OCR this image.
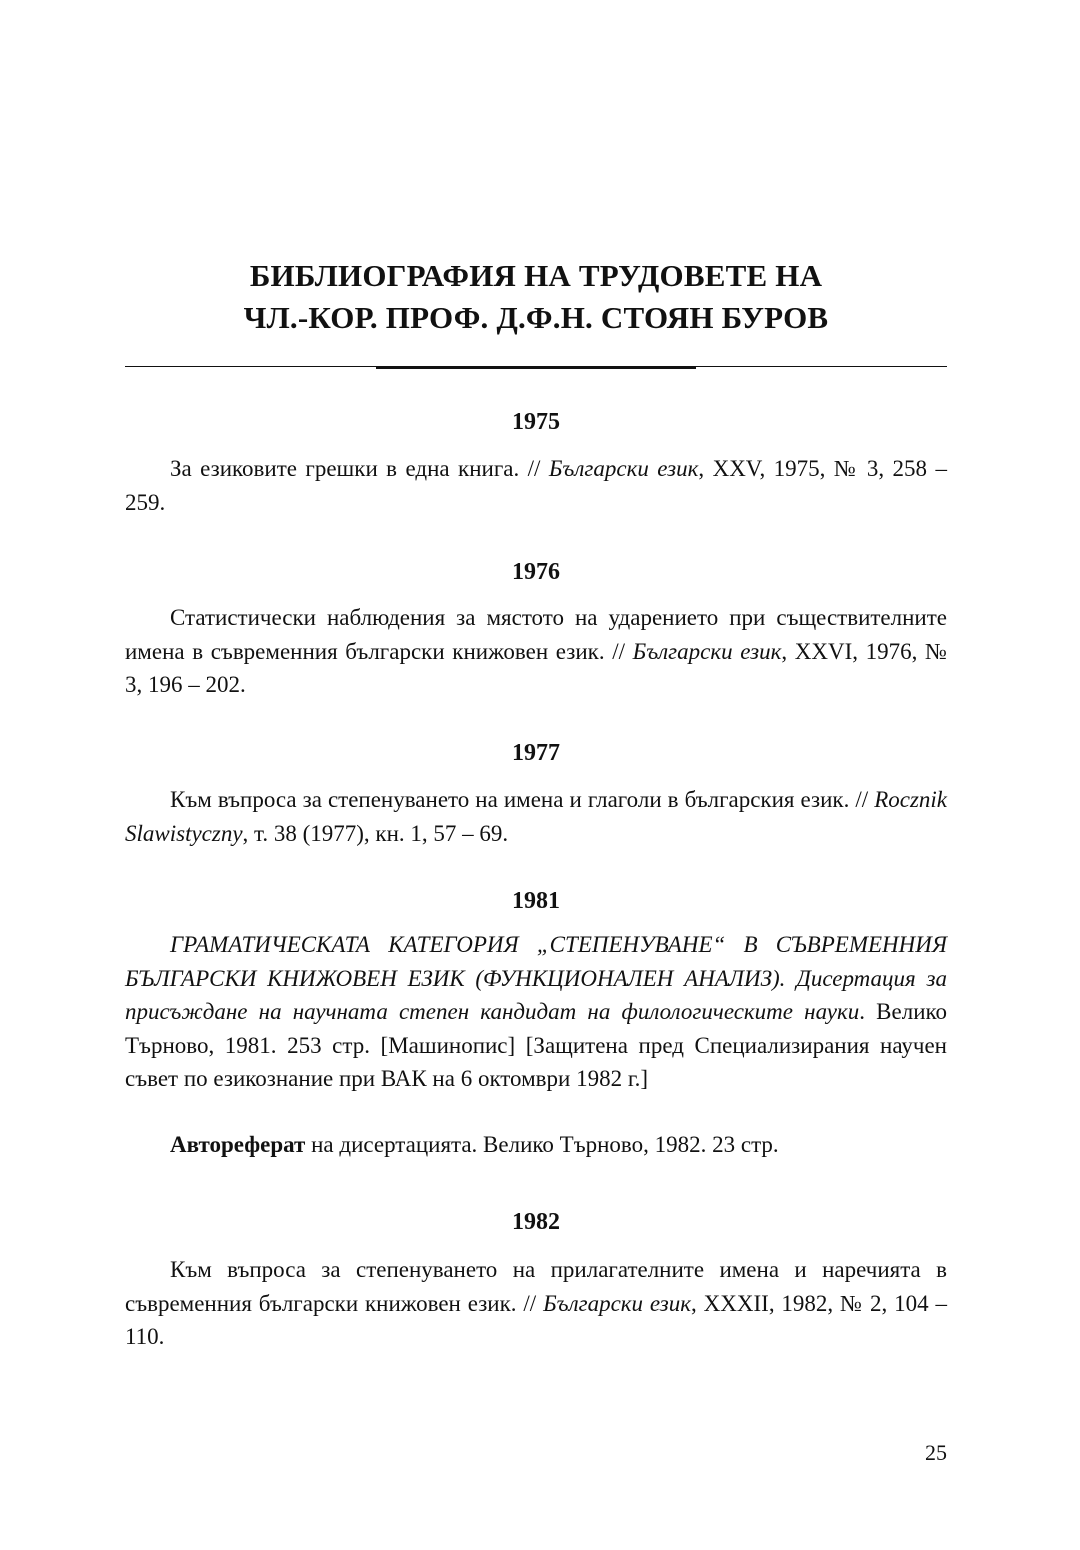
БИБЛИОГРАФИЯ НА ТРУДОВЕТЕ НА
ЧЛ.-КОР. ПРОФ. Д.Ф.Н. СТОЯН БУРОВ
1975

За езиковите грешки в една книга. // Български език, XXV, 1975, № 3, 258 – 259.

1976

Статистически наблюдения за мястото на ударението при съществителните имена в съвременния български книжовен език. // Български език, XXVI, 1976, № 3, 196 – 202.

1977

Към въпроса за степенуването на имена и глаголи в българския език. // Rocznik Slawistyczny, т. 38 (1977), кн. 1, 57 – 69.

1981

ГРАМАТИЧЕСКАТА КАТЕГОРИЯ „СТЕПЕНУВАНЕ“ В СЪВРЕМЕННИЯ БЪЛГАРСКИ КНИЖОВЕН ЕЗИК (ФУНКЦИОНАЛЕН АНАЛИЗ). Дисертация за присъждане на научната степен кандидат на филологическите науки. Велико Търново, 1981. 253 стр. [Машинопис] [Защитена пред Специализирания научен съвет по езикознание при ВАК на 6 октомври 1982 г.]

Автореферат на дисертацията. Велико Търново, 1982. 23 стр.

1982

Към въпроса за степенуването на прилагателните имена и наречията в съвременния български книжовен език. // Български език, XXXII, 1982, № 2, 104 – 110.

25
